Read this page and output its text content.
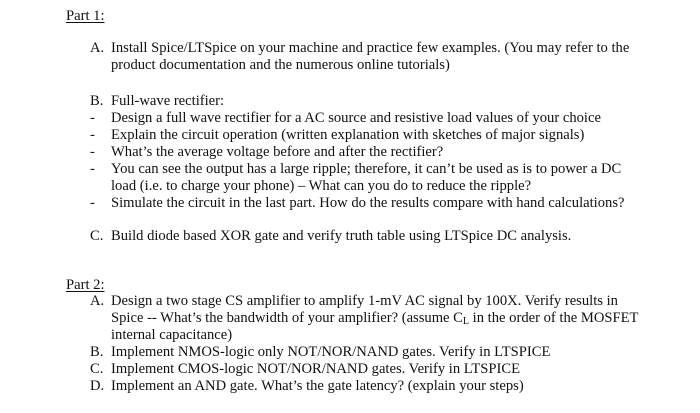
Part 1:
A. Install Spice/LTSpice on your machine and practice few examples. (You may refer to the
product documentation and the numerous online tutorials)
B. Full-wave rectifier:
- Design a full wave rectifier for a AC source and resistive load values of your choice
- Explain the circuit operation (written explanation with sketches of major signals)
- What’s the average voltage before and after the rectifier?
- You can see the output has a large ripple; therefore, it can’t be used as is to power a DC
load (i.e. to charge your phone) – What can you do to reduce the ripple?
- Simulate the circuit in the last part. How do the results compare with hand calculations?
C. Build diode based XOR gate and verify truth table using LTSpice DC analysis.
Part 2:
A. Design a two stage CS amplifier to amplify 1-mV AC signal by 100X. Verify results in
Spice -- What’s the bandwidth of your amplifier? (assume $C_L$ in the order of the MOSFET
internal capacitance)
B. Implement NMOS-logic only NOT/NOR/NAND gates. Verify in LTSPICE
C. Implement CMOS-logic NOT/NOR/NAND gates. Verify in LTSPICE
D. Implement an AND gate. What’s the gate latency? (explain your steps)
